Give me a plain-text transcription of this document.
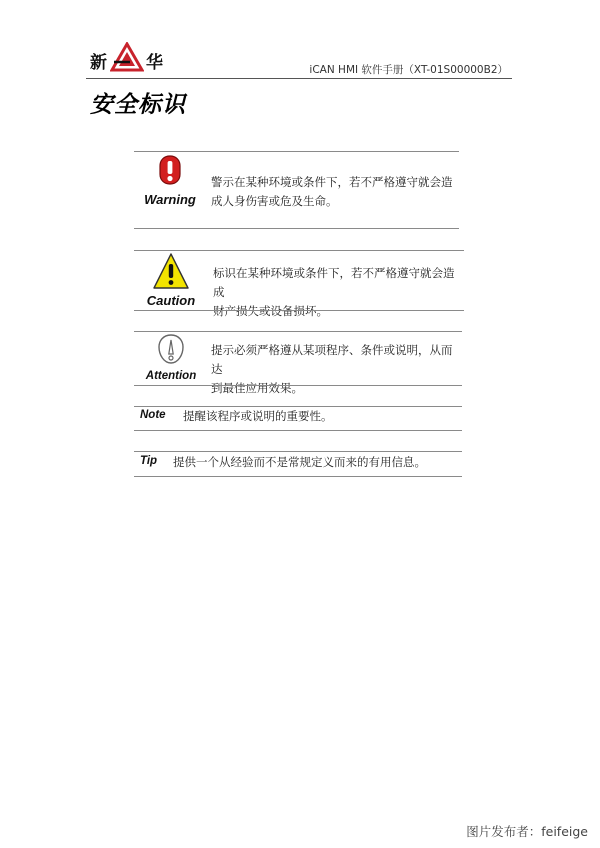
新 华	iCAN HMI 软件手册（XT-01S00000B2）
安全标识
Warning
警示在某种环境或条件下，若不严格遵守就会造
成人身伤害或危及生命。
Caution
标识在某种环境或条件下，若不严格遵守就会造成
财产损失或设备损坏。
Attention
提示必须严格遵从某项程序、条件或说明，从而达
到最佳应用效果。
Note 提醒该程序或说明的重要性。
Tip 提供一个从经验而不是常规定义而来的有用信息。
图片发布者：feifeige
